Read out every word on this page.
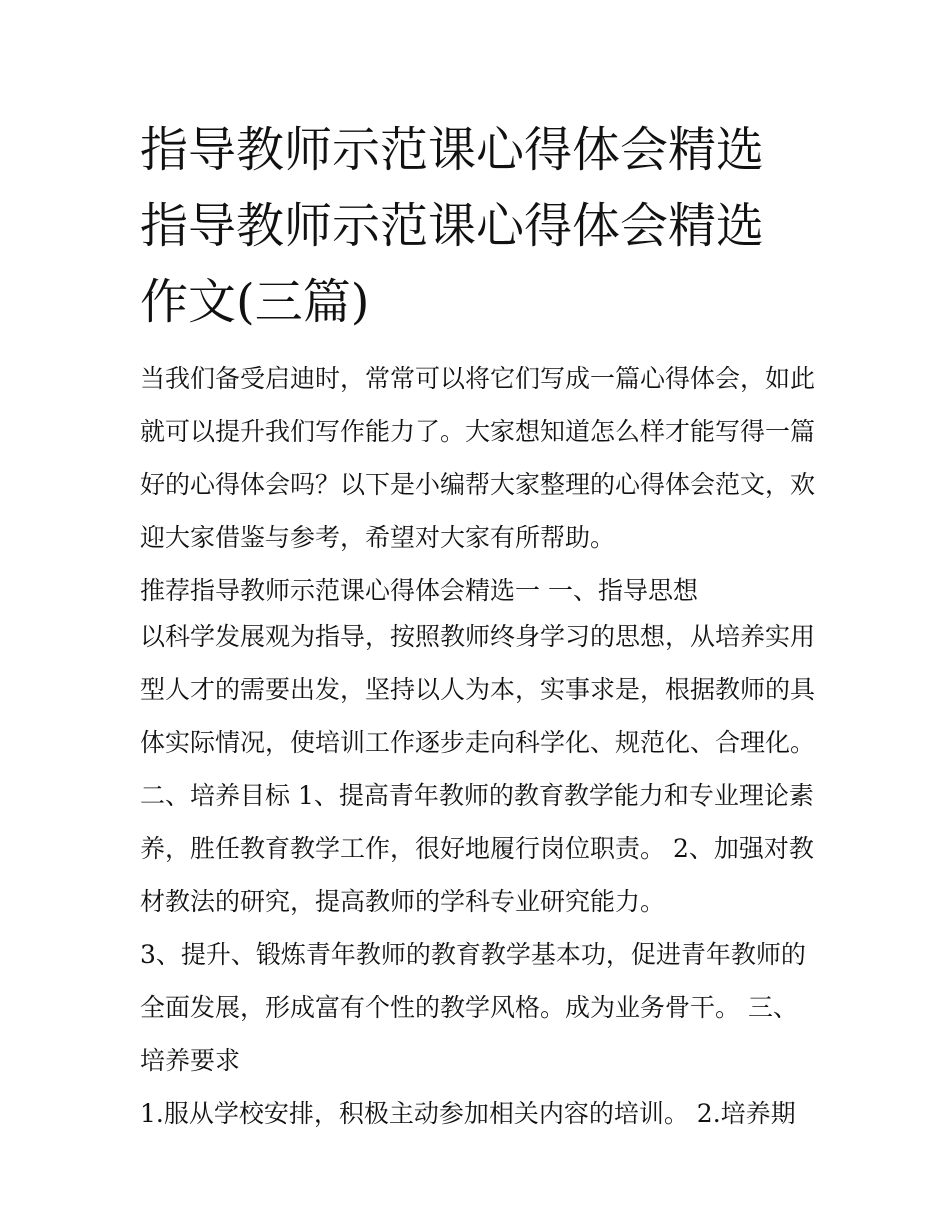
指导教师示范课心得体会精选
指导教师示范课心得体会精选
作文(三篇)
当我们备受启迪时，常常可以将它们写成一篇心得体会，如此
就可以提升我们写作能力了。大家想知道怎么样才能写得一篇
好的心得体会吗？以下是小编帮大家整理的心得体会范文，欢
迎大家借鉴与参考，希望对大家有所帮助。
推荐指导教师示范课心得体会精选一 一、指导思想
以科学发展观为指导，按照教师终身学习的思想，从培养实用
型人才的需要出发，坚持以人为本，实事求是，根据教师的具
体实际情况，使培训工作逐步走向科学化、规范化、合理化。
二、培养目标 1、提高青年教师的教育教学能力和专业理论素
养，胜任教育教学工作，很好地履行岗位职责。 2、加强对教
材教法的研究，提高教师的学科专业研究能力。
3、提升、锻炼青年教师的教育教学基本功，促进青年教师的
全面发展，形成富有个性的教学风格。成为业务骨干。 三、
培养要求
1.服从学校安排，积极主动参加相关内容的培训。 2.培养期
